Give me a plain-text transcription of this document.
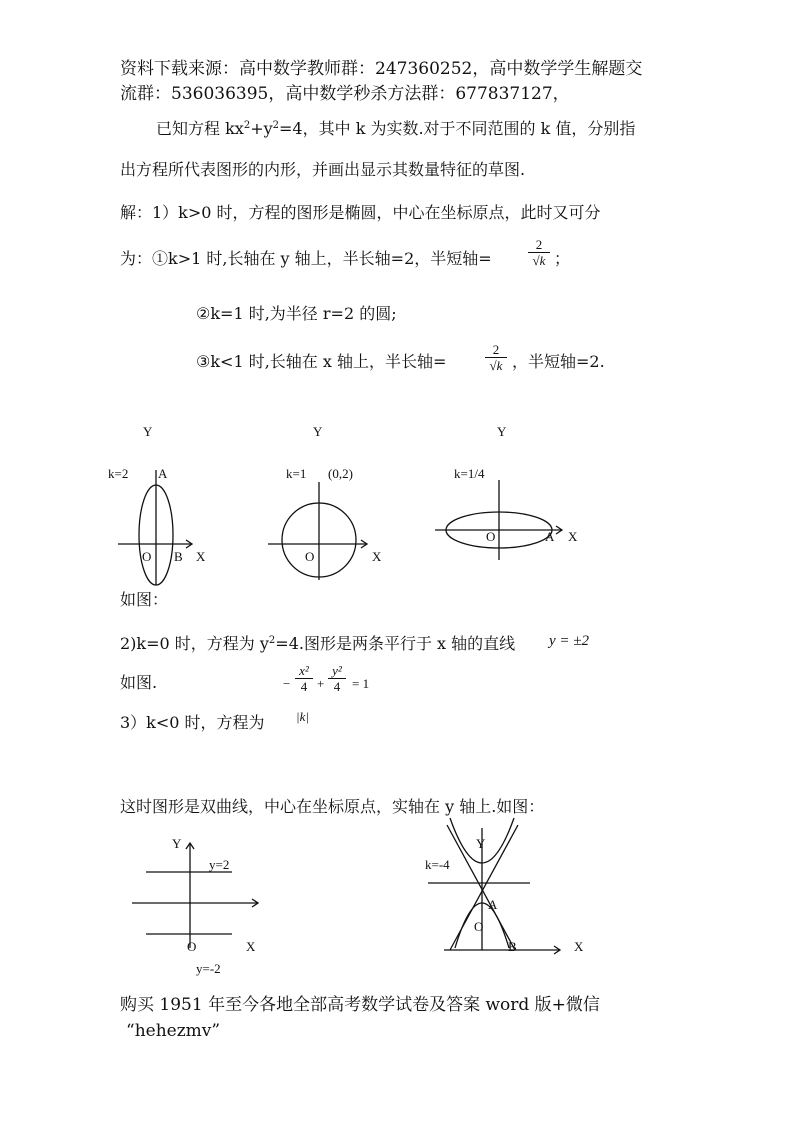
资料下载来源：高中数学教师群：247360252，高中数学学生解题交
流群：536036395，高中数学秒杀方法群：677837127，
已知方程 $kx^2+y^2=4$，其中 k 为实数.对于不同范围的 k 值，分别指
出方程所代表图形的内形，并画出显示其数量特征的草图.
解：1）k>0 时，方程的图形是椭圆，中心在坐标原点，此时又可分
为：①k>1 时,长轴在 y 轴上，半长轴=2，半短轴=	$\frac{2}{√k}$ ；
②k=1 时,为半径 r=2 的圆;
③k<1 时,长轴在 x 轴上，半长轴=	$\frac{2}{√k}$ ，半短轴=2.
Y
k=2 A
O B X
Y
k=1 (0,2)
O	X
Y
k=1/4
O	A X
如图：
2)k=0 时，方程为 $y^2=4$.图形是两条平行于 x 轴的直线 y = ±2
如图.	− $\frac{\text{x²}}{4} + \frac{\text{y²}}{4} = 1$
|k|
3）k<0 时，方程为
这时图形是双曲线，中心在坐标原点，实轴在 y 轴上.如图：
Y
y=2
O	X
y=-2
Y
k=-4
A
O
B	X
购买 1951 年至今各地全部高考数学试卷及答案 word 版+微信
“hehezmv”
